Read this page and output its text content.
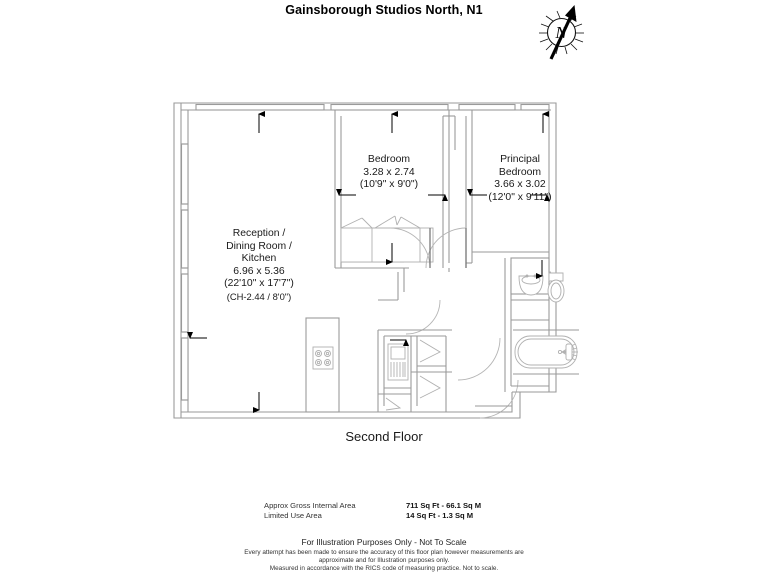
Gainsborough Studios North, N1
N
Bedroom
3.28 x 2.74
(10'9" x 9'0")
Principal
Bedroom
3.66 x 3.02
(12'0" x 9'11")
Reception /
Dining Room /
Kitchen
6.96 x 5.36
(22'10" x 17'7")
(CH-2.44 / 8'0")
Second Floor
Approx Gross Internal Area	711 Sq Ft - 66.1 Sq M
Limited Use Area	14 Sq Ft - 1.3 Sq M
For Illustration Purposes Only - Not To Scale
Every attempt has been made to ensure the accuracy of this floor plan however measurements are
approximate and for Illustration purposes only.
Measured in accordance with the RICS code of measuring practice. Not to scale.
